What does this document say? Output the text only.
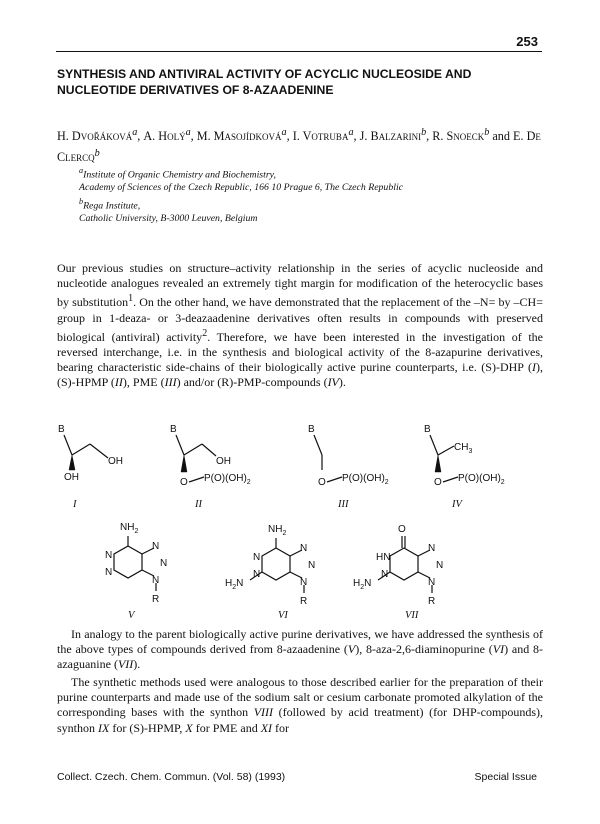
253
SYNTHESIS AND ANTIVIRAL ACTIVITY OF ACYCLIC NUCLEOSIDE AND NUCLEOTIDE DERIVATIVES OF 8-AZAADENINE

H. Dvořáková$^a$, A. Holý$^a$, M. Masojídková$^a$, I. Votruba$^a$, J. Balzarini$^b$, R. Snoeck$^b$ and E. De Clercq$^b$

$^a$Institute of Organic Chemistry and Biochemistry,

Academy of Sciences of the Czech Republic, 166 10 Prague 6, The Czech Republic

$^b$Rega Institute,

Catholic University, B-3000 Leuven, Belgium

Our previous studies on structure–activity relationship in the series of acyclic nucleoside and nucleotide analogues revealed an extremely tight margin for modification of the heterocyclic bases by substitution$^1$. On the other hand, we have demonstrated that the replacement of the –N= by –CH= group in 1-deaza- or 3-deazaadenine derivatives often results in compounds with preserved biological (antiviral) activity$^2$. Therefore, we have been interested in the investigation of the reversed interchange, i.e. in the synthesis and biological activity of the 8-azapurine derivatives, bearing characteristic side-chains of their biologically active purine counterparts, i.e. (S)-DHP (I), (S)-HPMP (II), PME (III) and/or (R)-PMP-compounds (IV).

B
OH
OH
I
B
OH
O $P(O)(OH)_2$
II
B
O $P(O)(OH)_2$
III
B
$CH_3$
O $P(O)(OH)_2$
IV
$NH_2$
N
N
N
N
N
R
V
$NH_2$
N
N
$H_2N$
N
N
N
R
VI
O
HN
N
$H_2N$
N
N
N
R
VII

In analogy to the parent biologically active purine derivatives, we have addressed the synthesis of the above types of compounds derived from 8-azaadenine (V), 8-aza-2,6-diaminopurine (VI) and 8-azaguanine (VII).

The synthetic methods used were analogous to those described earlier for the preparation of their purine counterparts and made use of the sodium salt or cesium carbonate promoted alkylation of the corresponding bases with the synthon VIII (followed by acid treatment) (for DHP-compounds), synthon IX for (S)-HPMP, X for PME and XI for

Collect. Czech. Chem. Commun. (Vol. 58) (1993)	Special Issue
